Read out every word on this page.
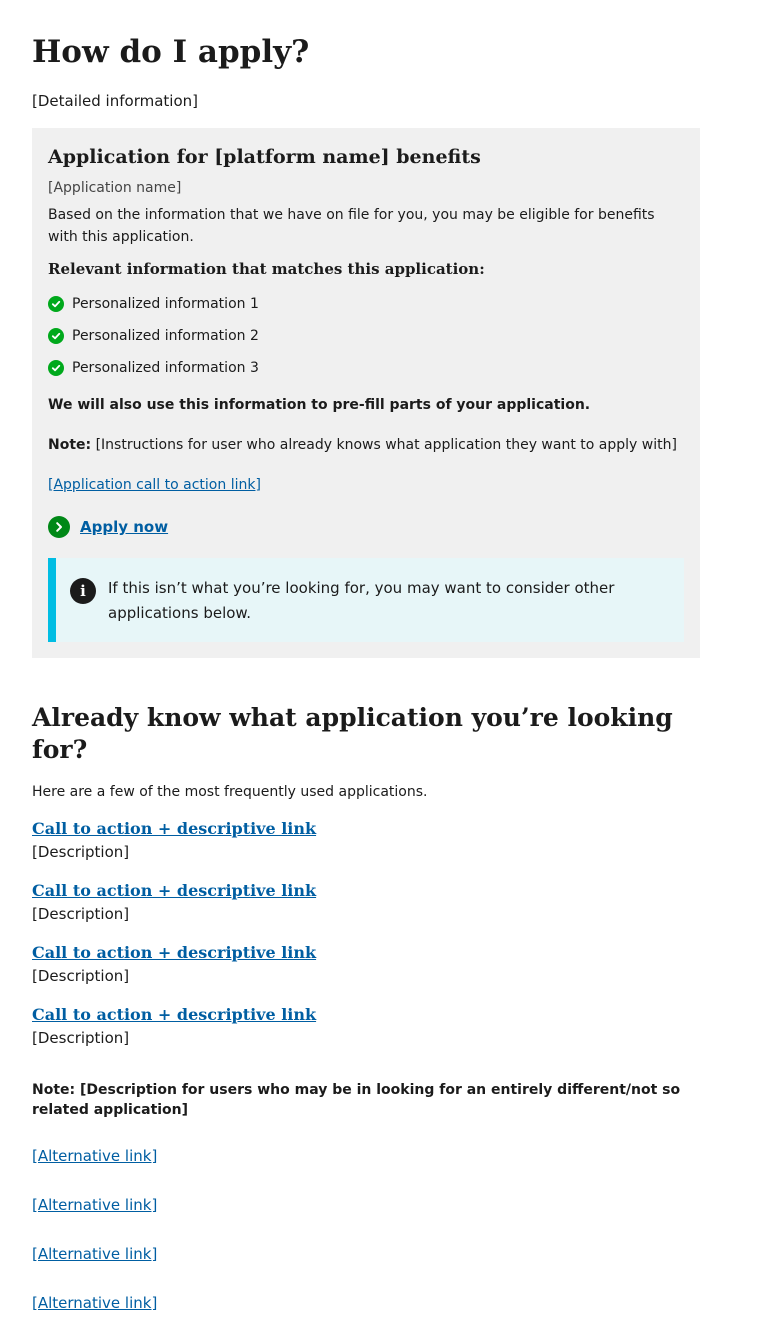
How do I apply?
[Detailed information]
Application for [platform name] benefits
[Application name]
Based on the information that we have on file for you, you may be eligible for benefits with this application.
Relevant information that matches this application:
Personalized information 1
Personalized information 2
Personalized information 3
We will also use this information to pre-fill parts of your application.
Note: [Instructions for user who already knows what application they want to apply with]
[Application call to action link]
Apply now
i	If this isn’t what you’re looking for, you may want to consider other applications below.
Already know what application you’re looking for?
Here are a few of the most frequently used applications.
Call to action + descriptive link
[Description]
Call to action + descriptive link
[Description]
Call to action + descriptive link
[Description]
Call to action + descriptive link
[Description]
Note: [Description for users who may be in looking for an entirely different/not so related application]
[Alternative link]
[Alternative link]
[Alternative link]
[Alternative link]
